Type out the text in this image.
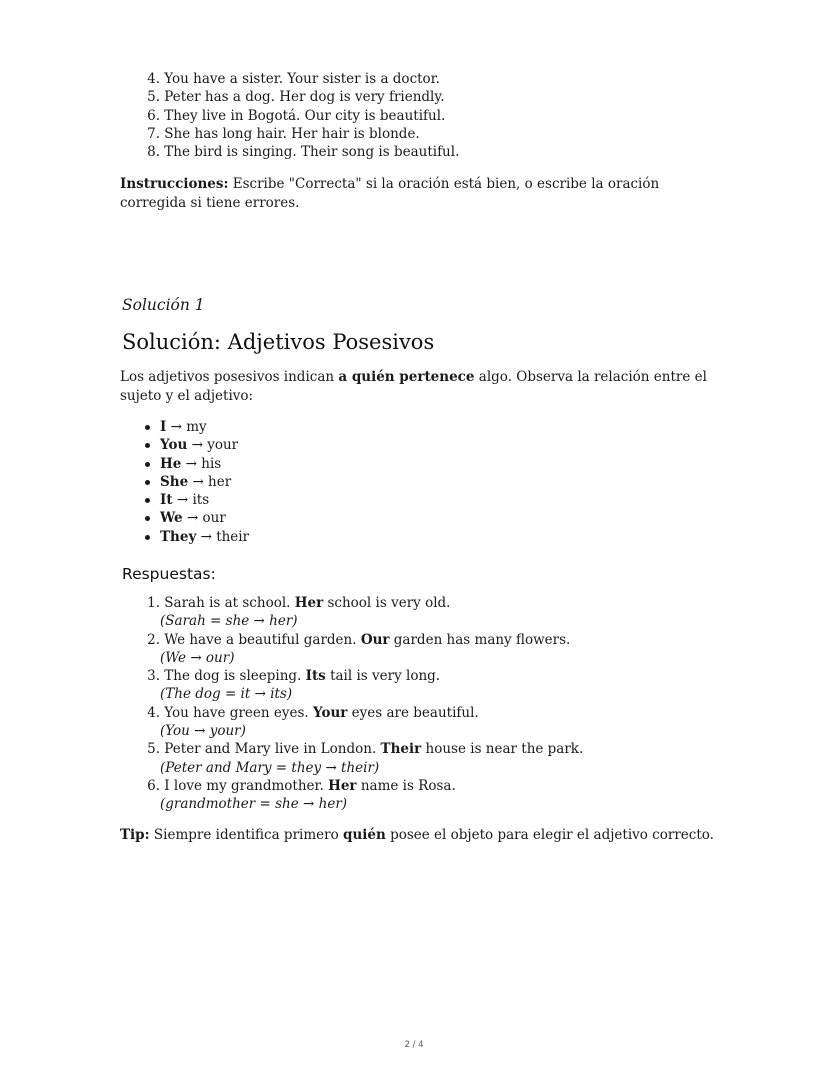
4. You have a sister. Your sister is a doctor.
5. Peter has a dog. Her dog is very friendly.
6. They live in Bogotá. Our city is beautiful.
7. She has long hair. Her hair is blonde.
8. The bird is singing. Their song is beautiful.

Instrucciones: Escribe "Correcta" si la oración está bien, o escribe la oración corregida si tiene errores.

Solución 1
Solución: Adjetivos Posesivos

Los adjetivos posesivos indican a quién pertenece algo. Observa la relación entre el sujeto y el adjetivo:

I → my
You → your
He → his
She → her
It → its
We → our
They → their
Respuestas:
1. Sarah is at school. Her school is very old.
(Sarah = she → her)
2. We have a beautiful garden. Our garden has many flowers.
(We → our)
3. The dog is sleeping. Its tail is very long.
(The dog = it → its)
4. You have green eyes. Your eyes are beautiful.
(You → your)
5. Peter and Mary live in London. Their house is near the park.
(Peter and Mary = they → their)
6. I love my grandmother. Her name is Rosa.
(grandmother = she → her)

Tip: Siempre identifica primero quién posee el objeto para elegir el adjetivo correcto.

2 / 4
